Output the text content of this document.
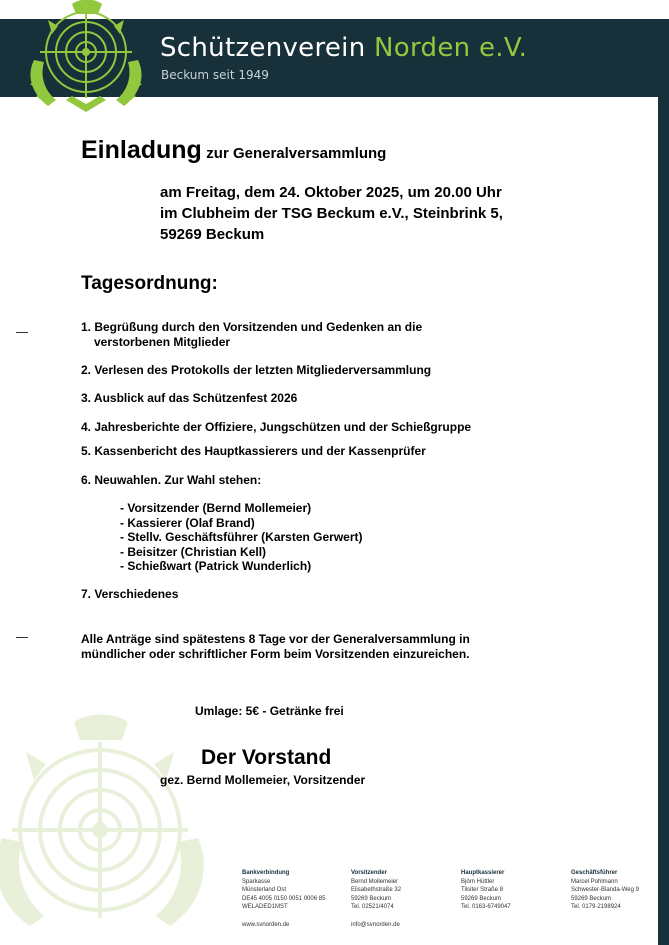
Schützenverein Norden e.V.
Beckum seit 1949
Einladung zur Generalversammlung
am Freitag, dem 24. Oktober 2025, um 20.00 Uhr
im Clubheim der TSG Beckum e.V., Steinbrink 5,
59269 Beckum
Tagesordnung:
1. Begrüßung durch den Vorsitzenden und Gedenken an die
verstorbenen Mitglieder
2. Verlesen des Protokolls der letzten Mitgliederversammlung
3. Ausblick auf das Schützenfest 2026
4. Jahresberichte der Offiziere, Jungschützen und der Schießgruppe
5. Kassenbericht des Hauptkassierers und der Kassenprüfer
6. Neuwahlen. Zur Wahl stehen:
- Vorsitzender (Bernd Mollemeier)
- Kassierer (Olaf Brand)
- Stellv. Geschäftsführer (Karsten Gerwert)
- Beisitzer (Christian Kell)
- Schießwart (Patrick Wunderlich)
7. Verschiedenes
Alle Anträge sind spätestens 8 Tage vor der Generalversammlung in
mündlicher oder schriftlicher Form beim Vorsitzenden einzureichen.
Umlage: 5€ - Getränke frei
Der Vorstand
gez. Bernd Mollemeier, Vorsitzender
Bankverbindung
Sparkasse
Münsterland Ost
DE45 4005 0150 0051 0006 85
WELADED1MST
www.svnorden.de
Vorsitzender
Bernd Mollemeier
Elisabethstraße 32
59269 Beckum
Tel. 02521/4074
info@svnorden.de
Hauptkassierer
Björn Hüttler
Tilsiter Straße 8
59269 Beckum
Tel. 0163-6749047
Geschäftsführer
Marcel Pohlmann
Schwester-Blanda-Weg 9
59269 Beckum
Tel. 0179-2198924
